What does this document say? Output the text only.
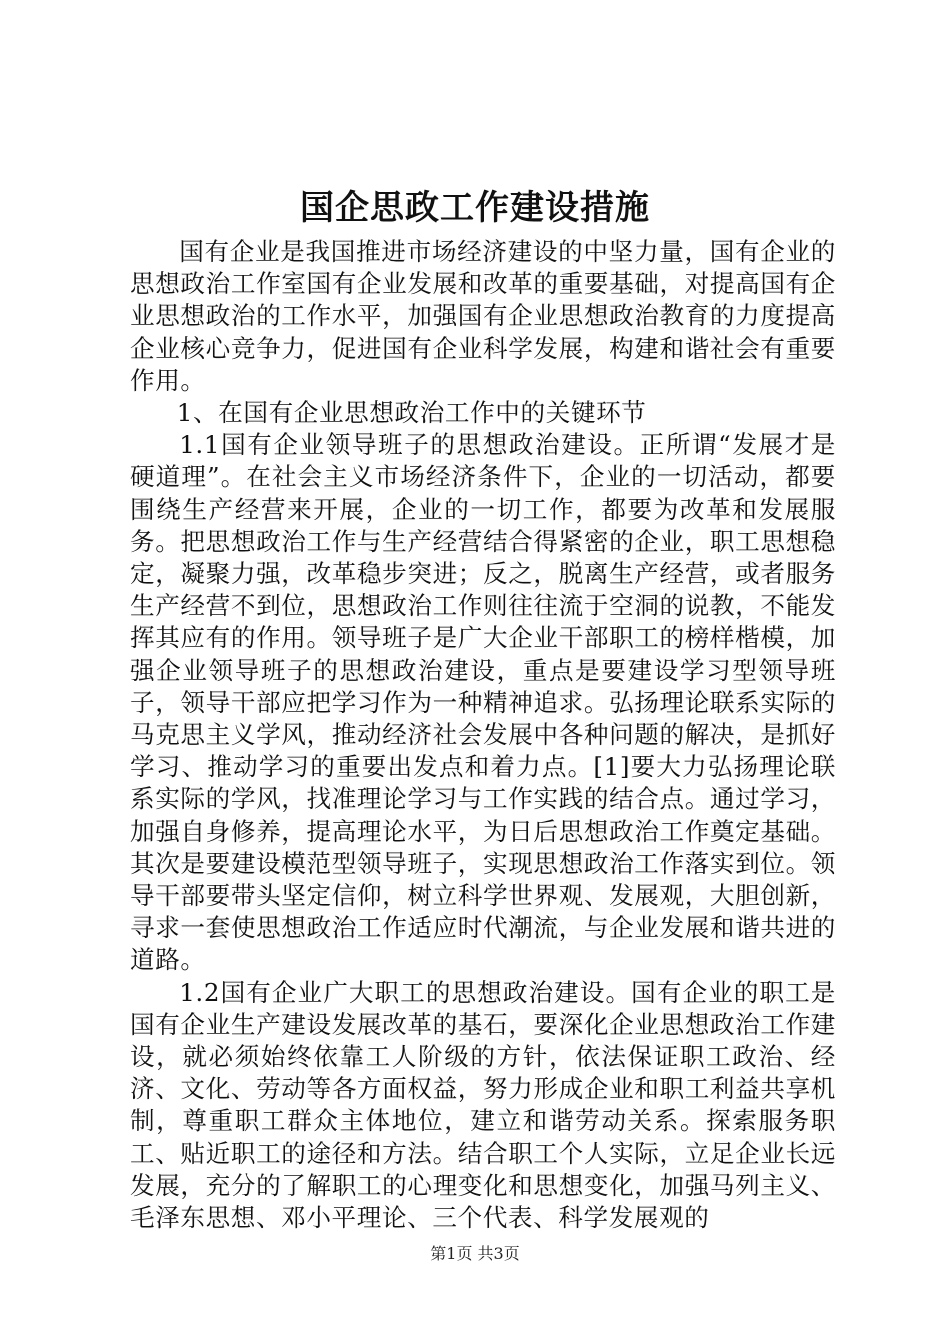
国企思政工作建设措施

国有企业是我国推进市场经济建设的中坚力量，国有企业的思想政治工作室国有企业发展和改革的重要基础，对提高国有企业思想政治的工作水平，加强国有企业思想政治教育的力度提高企业核心竞争力，促进国有企业科学发展，构建和谐社会有重要作用。

1、在国有企业思想政治工作中的关键环节

1.1国有企业领导班子的思想政治建设。正所谓“发展才是硬道理”。在社会主义市场经济条件下，企业的一切活动，都要围绕生产经营来开展，企业的一切工作，都要为改革和发展服务。把思想政治工作与生产经营结合得紧密的企业，职工思想稳定，凝聚力强，改革稳步突进；反之，脱离生产经营，或者服务生产经营不到位，思想政治工作则往往流于空洞的说教，不能发挥其应有的作用。领导班子是广大企业干部职工的榜样楷模，加强企业领导班子的思想政治建设，重点是要建设学习型领导班子，领导干部应把学习作为一种精神追求。弘扬理论联系实际的马克思主义学风，推动经济社会发展中各种问题的解决，是抓好学习、推动学习的重要出发点和着力点。[1]要大力弘扬理论联系实际的学风，找准理论学习与工作实践的结合点。通过学习，加强自身修养，提高理论水平，为日后思想政治工作奠定基础。其次是要建设模范型领导班子，实现思想政治工作落实到位。领导干部要带头坚定信仰，树立科学世界观、发展观，大胆创新，寻求一套使思想政治工作适应时代潮流，与企业发展和谐共进的道路。

1.2国有企业广大职工的思想政治建设。国有企业的职工是国有企业生产建设发展改革的基石，要深化企业思想政治工作建设，就必须始终依靠工人阶级的方针，依法保证职工政治、经济、文化、劳动等各方面权益，努力形成企业和职工利益共享机制，尊重职工群众主体地位，建立和谐劳动关系。探索服务职工、贴近职工的途径和方法。结合职工个人实际，立足企业长远发展，充分的了解职工的心理变化和思想变化，加强马列主义、毛泽东思想、邓小平理论、三个代表、科学发展观的

第1页 共3页
